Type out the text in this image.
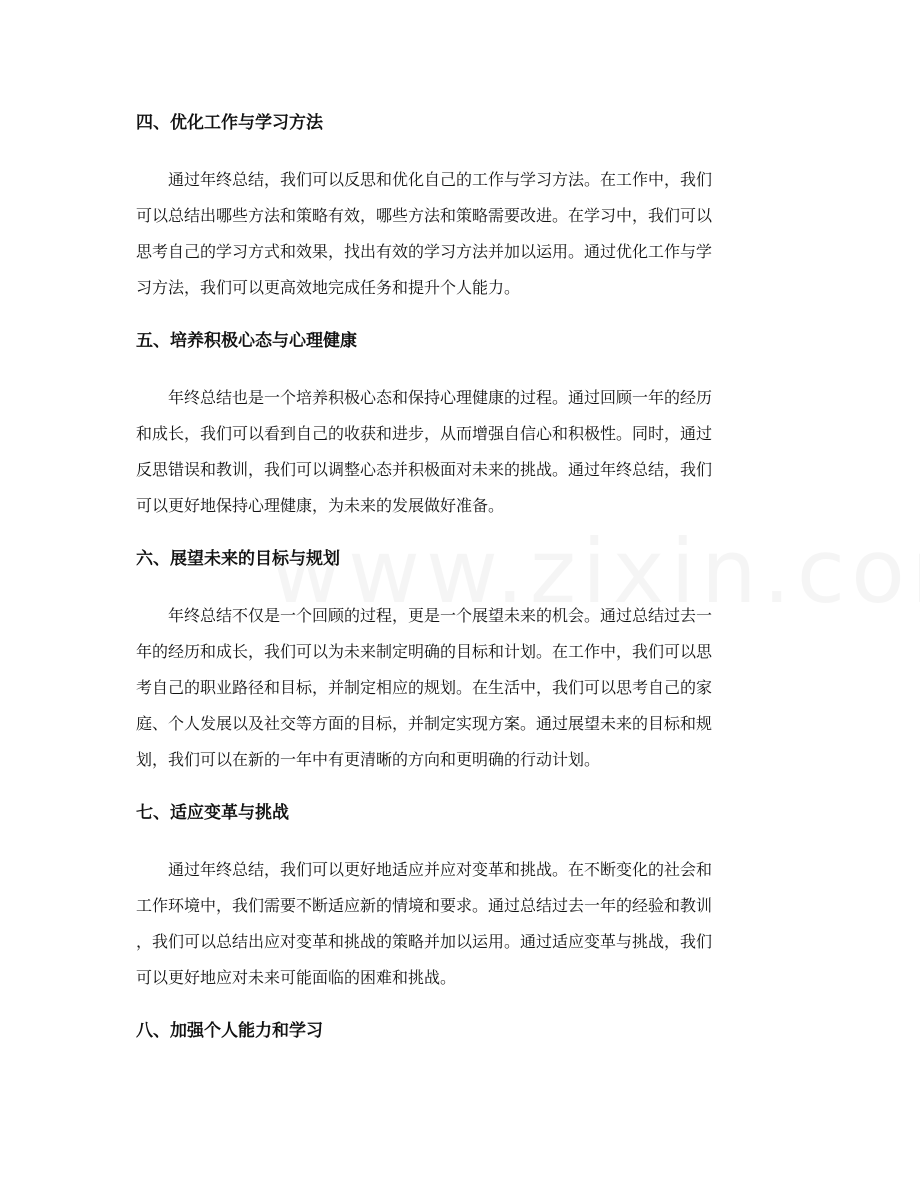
四、优化工作与学习方法
通过年终总结，我们可以反思和优化自己的工作与学习方法。在工作中，我们
可以总结出哪些方法和策略有效，哪些方法和策略需要改进。在学习中，我们可以
思考自己的学习方式和效果，找出有效的学习方法并加以运用。通过优化工作与学
习方法，我们可以更高效地完成任务和提升个人能力。
五、培养积极心态与心理健康
年终总结也是一个培养积极心态和保持心理健康的过程。通过回顾一年的经历
和成长，我们可以看到自己的收获和进步，从而增强自信心和积极性。同时，通过
反思错误和教训，我们可以调整心态并积极面对未来的挑战。通过年终总结，我们
可以更好地保持心理健康，为未来的发展做好准备。
六、展望未来的目标与规划
年终总结不仅是一个回顾的过程，更是一个展望未来的机会。通过总结过去一
年的经历和成长，我们可以为未来制定明确的目标和计划。在工作中，我们可以思
考自己的职业路径和目标，并制定相应的规划。在生活中，我们可以思考自己的家
庭、个人发展以及社交等方面的目标，并制定实现方案。通过展望未来的目标和规
划，我们可以在新的一年中有更清晰的方向和更明确的行动计划。
七、适应变革与挑战
通过年终总结，我们可以更好地适应并应对变革和挑战。在不断变化的社会和
工作环境中，我们需要不断适应新的情境和要求。通过总结过去一年的经验和教训
，我们可以总结出应对变革和挑战的策略并加以运用。通过适应变革与挑战，我们
可以更好地应对未来可能面临的困难和挑战。
八、加强个人能力和学习
